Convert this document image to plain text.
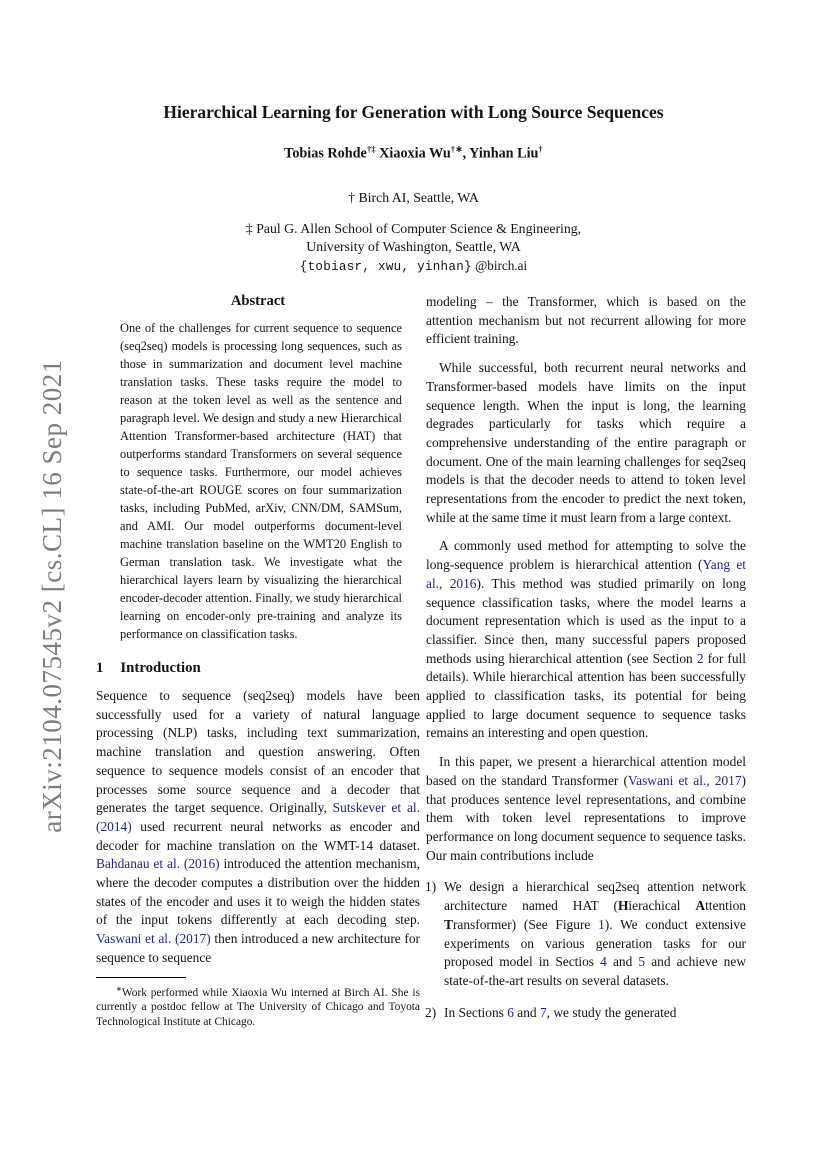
arXiv:2104.07545v2 [cs.CL] 16 Sep 2021
Hierarchical Learning for Generation with Long Source Sequences
Tobias Rohde†‡ Xiaoxia Wu†∗, Yinhan Liu†
† Birch AI, Seattle, WA
‡ Paul G. Allen School of Computer Science & Engineering,
University of Washington, Seattle, WA
{tobiasr, xwu, yinhan} @birch.ai
Abstract

One of the challenges for current sequence to sequence (seq2seq) models is processing long sequences, such as those in summarization and document level machine translation tasks. These tasks require the model to reason at the token level as well as the sentence and paragraph level. We design and study a new Hierarchical Attention Transformer-based architecture (HAT) that outperforms standard Transformers on several sequence to sequence tasks. Furthermore, our model achieves state-of-the-art ROUGE scores on four summarization tasks, including PubMed, arXiv, CNN/DM, SAMSum, and AMI. Our model outperforms document-level machine translation baseline on the WMT20 English to German translation task. We investigate what the hierarchical layers learn by visualizing the hierarchical encoder-decoder attention. Finally, we study hierarchical learning on encoder-only pre-training and analyze its performance on classification tasks.

1 Introduction

Sequence to sequence (seq2seq) models have been successfully used for a variety of natural language processing (NLP) tasks, including text summarization, machine translation and question answering. Often sequence to sequence models consist of an encoder that processes some source sequence and a decoder that generates the target sequence. Originally, Sutskever et al. (2014) used recurrent neural networks as encoder and decoder for machine translation on the WMT-14 dataset. Bahdanau et al. (2016) introduced the attention mechanism, where the decoder computes a distribution over the hidden states of the encoder and uses it to weigh the hidden states of the input tokens differently at each decoding step. Vaswani et al. (2017) then introduced a new architecture for sequence to sequence

∗Work performed while Xiaoxia Wu interned at Birch AI. She is currently a postdoc fellow at The University of Chicago and Toyota Technological Institute at Chicago.

modeling – the Transformer, which is based on the attention mechanism but not recurrent allowing for more efficient training.

While successful, both recurrent neural networks and Transformer-based models have limits on the input sequence length. When the input is long, the learning degrades particularly for tasks which require a comprehensive understanding of the entire paragraph or document. One of the main learning challenges for seq2seq models is that the decoder needs to attend to token level representations from the encoder to predict the next token, while at the same time it must learn from a large context.

A commonly used method for attempting to solve the long-sequence problem is hierarchical attention (Yang et al., 2016). This method was studied primarily on long sequence classification tasks, where the model learns a document representation which is used as the input to a classifier. Since then, many successful papers proposed methods using hierarchical attention (see Section 2 for full details). While hierarchical attention has been successfully applied to classification tasks, its potential for being applied to large document sequence to sequence tasks remains an interesting and open question.

In this paper, we present a hierarchical attention model based on the standard Transformer (Vaswani et al., 2017) that produces sentence level representations, and combine them with token level representations to improve performance on long document sequence to sequence tasks. Our main contributions include

1) We design a hierarchical seq2seq attention network architecture named HAT (Hierachical Attention Transformer) (See Figure 1). We conduct extensive experiments on various generation tasks for our proposed model in Sectios 4 and 5 and achieve new state-of-the-art results on several datasets.

2) In Sections 6 and 7, we study the generated
